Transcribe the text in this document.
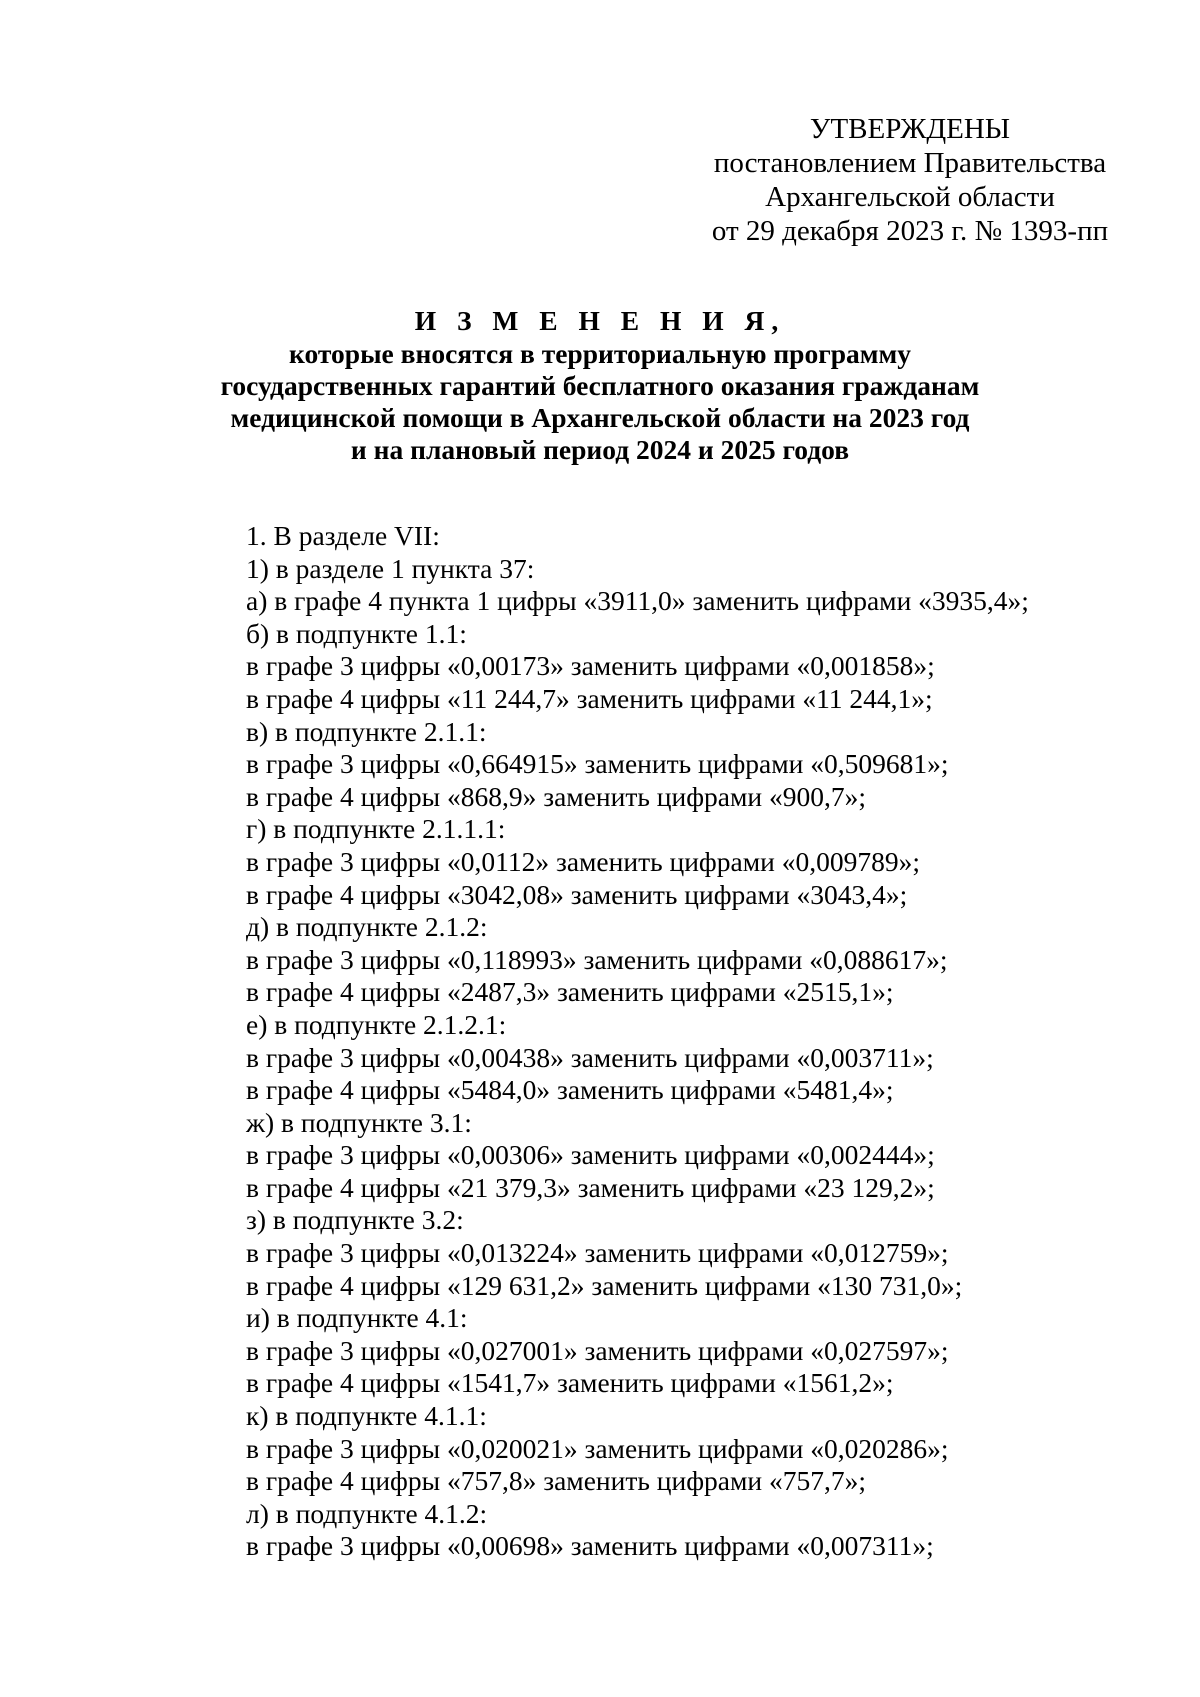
УТВЕРЖДЕНЫ
постановлением Правительства
Архангельской области
от 29 декабря 2023 г. № 1393-пп
И З М Е Н Е Н И Я,
которые вносятся в территориальную программу
государственных гарантий бесплатного оказания гражданам
медицинской помощи в Архангельской области на 2023 год
и на плановый период 2024 и 2025 годов
1. В разделе VII:
1) в разделе 1 пункта 37:
а) в графе 4 пункта 1 цифры «3911,0» заменить цифрами «3935,4»;
б) в подпункте 1.1:
в графе 3 цифры «0,00173» заменить цифрами «0,001858»;
в графе 4 цифры «11 244,7» заменить цифрами «11 244,1»;
в) в подпункте 2.1.1:
в графе 3 цифры «0,664915» заменить цифрами «0,509681»;
в графе 4 цифры «868,9» заменить цифрами «900,7»;
г) в подпункте 2.1.1.1:
в графе 3 цифры «0,0112» заменить цифрами «0,009789»;
в графе 4 цифры «3042,08» заменить цифрами «3043,4»;
д) в подпункте 2.1.2:
в графе 3 цифры «0,118993» заменить цифрами «0,088617»;
в графе 4 цифры «2487,3» заменить цифрами «2515,1»;
е) в подпункте 2.1.2.1:
в графе 3 цифры «0,00438» заменить цифрами «0,003711»;
в графе 4 цифры «5484,0» заменить цифрами «5481,4»;
ж) в подпункте 3.1:
в графе 3 цифры «0,00306» заменить цифрами «0,002444»;
в графе 4 цифры «21 379,3» заменить цифрами «23 129,2»;
з) в подпункте 3.2:
в графе 3 цифры «0,013224» заменить цифрами «0,012759»;
в графе 4 цифры «129 631,2» заменить цифрами «130 731,0»;
и) в подпункте 4.1:
в графе 3 цифры «0,027001» заменить цифрами «0,027597»;
в графе 4 цифры «1541,7» заменить цифрами «1561,2»;
к) в подпункте 4.1.1:
в графе 3 цифры «0,020021» заменить цифрами «0,020286»;
в графе 4 цифры «757,8» заменить цифрами «757,7»;
л) в подпункте 4.1.2:
в графе 3 цифры «0,00698» заменить цифрами «0,007311»;
